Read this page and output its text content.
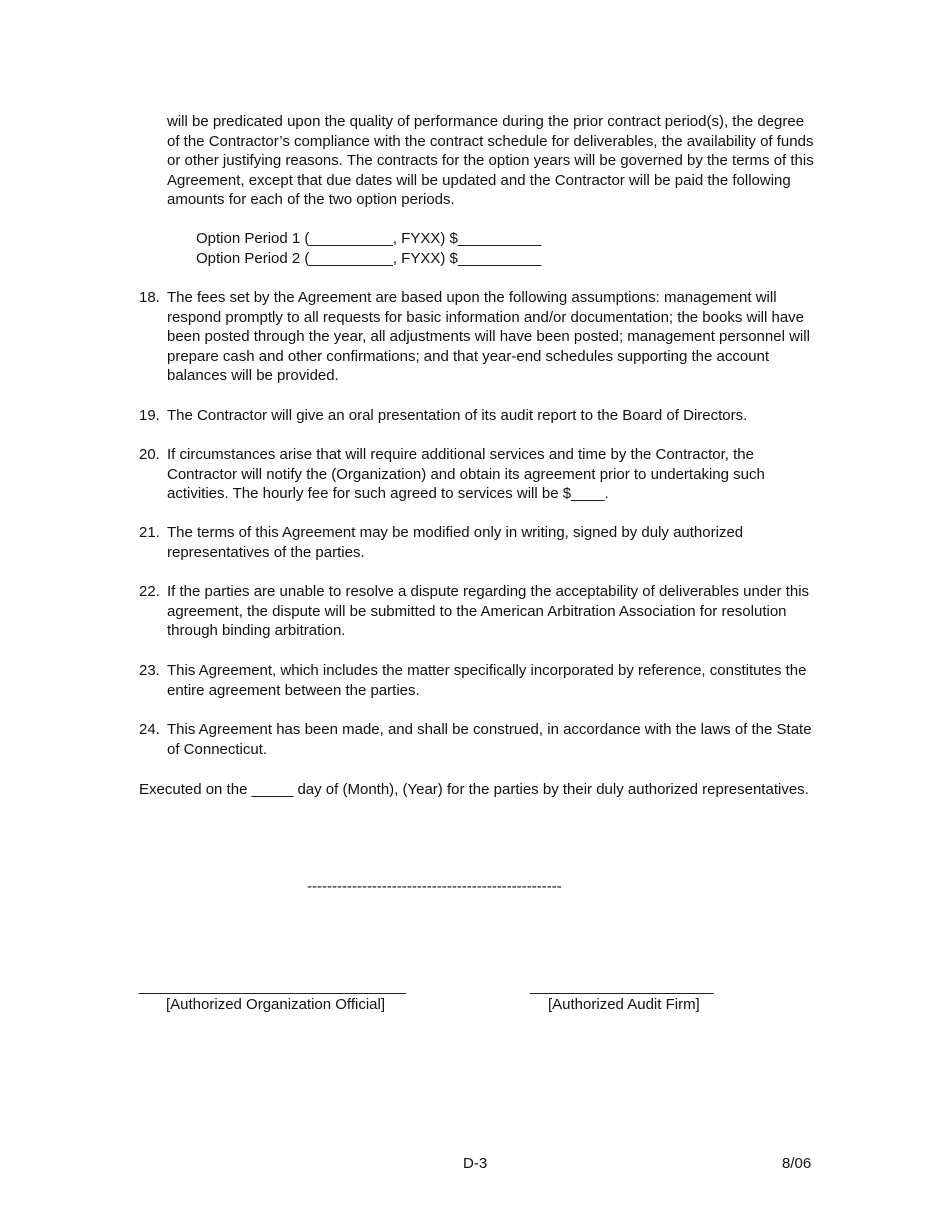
will be predicated upon the quality of performance during the prior contract period(s), the degree of the Contractor’s compliance with the contract schedule for deliverables, the availability of funds or other justifying reasons. The contracts for the option years will be governed by the terms of this Agreement, except that due dates will be updated and the Contractor will be paid the following amounts for each of the two option periods.

Option Period 1 (__________, FYXX) $__________
Option Period 2 (__________, FYXX) $__________
18. The fees set by the Agreement are based upon the following assumptions: management will respond promptly to all requests for basic information and/or documentation; the books will have been posted through the year, all adjustments will have been posted; management personnel will prepare cash and other confirmations; and that year-end schedules supporting the account balances will be provided.
19. The Contractor will give an oral presentation of its audit report to the Board of Directors.
20. If circumstances arise that will require additional services and time by the Contractor, the Contractor will notify the (Organization) and obtain its agreement prior to undertaking such activities. The hourly fee for such agreed to services will be $____.
21. The terms of this Agreement may be modified only in writing, signed by duly authorized representatives of the parties.
22. If the parties are unable to resolve a dispute regarding the acceptability of deliverables under this agreement, the dispute will be submitted to the American Arbitration Association for resolution through binding arbitration.
23. This Agreement, which includes the matter specifically incorporated by reference, constitutes the entire agreement between the parties.
24. This Agreement has been made, and shall be construed, in accordance with the laws of the State of Connecticut.

Executed on the _____ day of (Month), (Year) for the parties by their duly authorized representatives.

---------------------------------------------------
________________________________
[Authorized Organization Official]
______________________
[Authorized Audit Firm]
D-3	8/06
